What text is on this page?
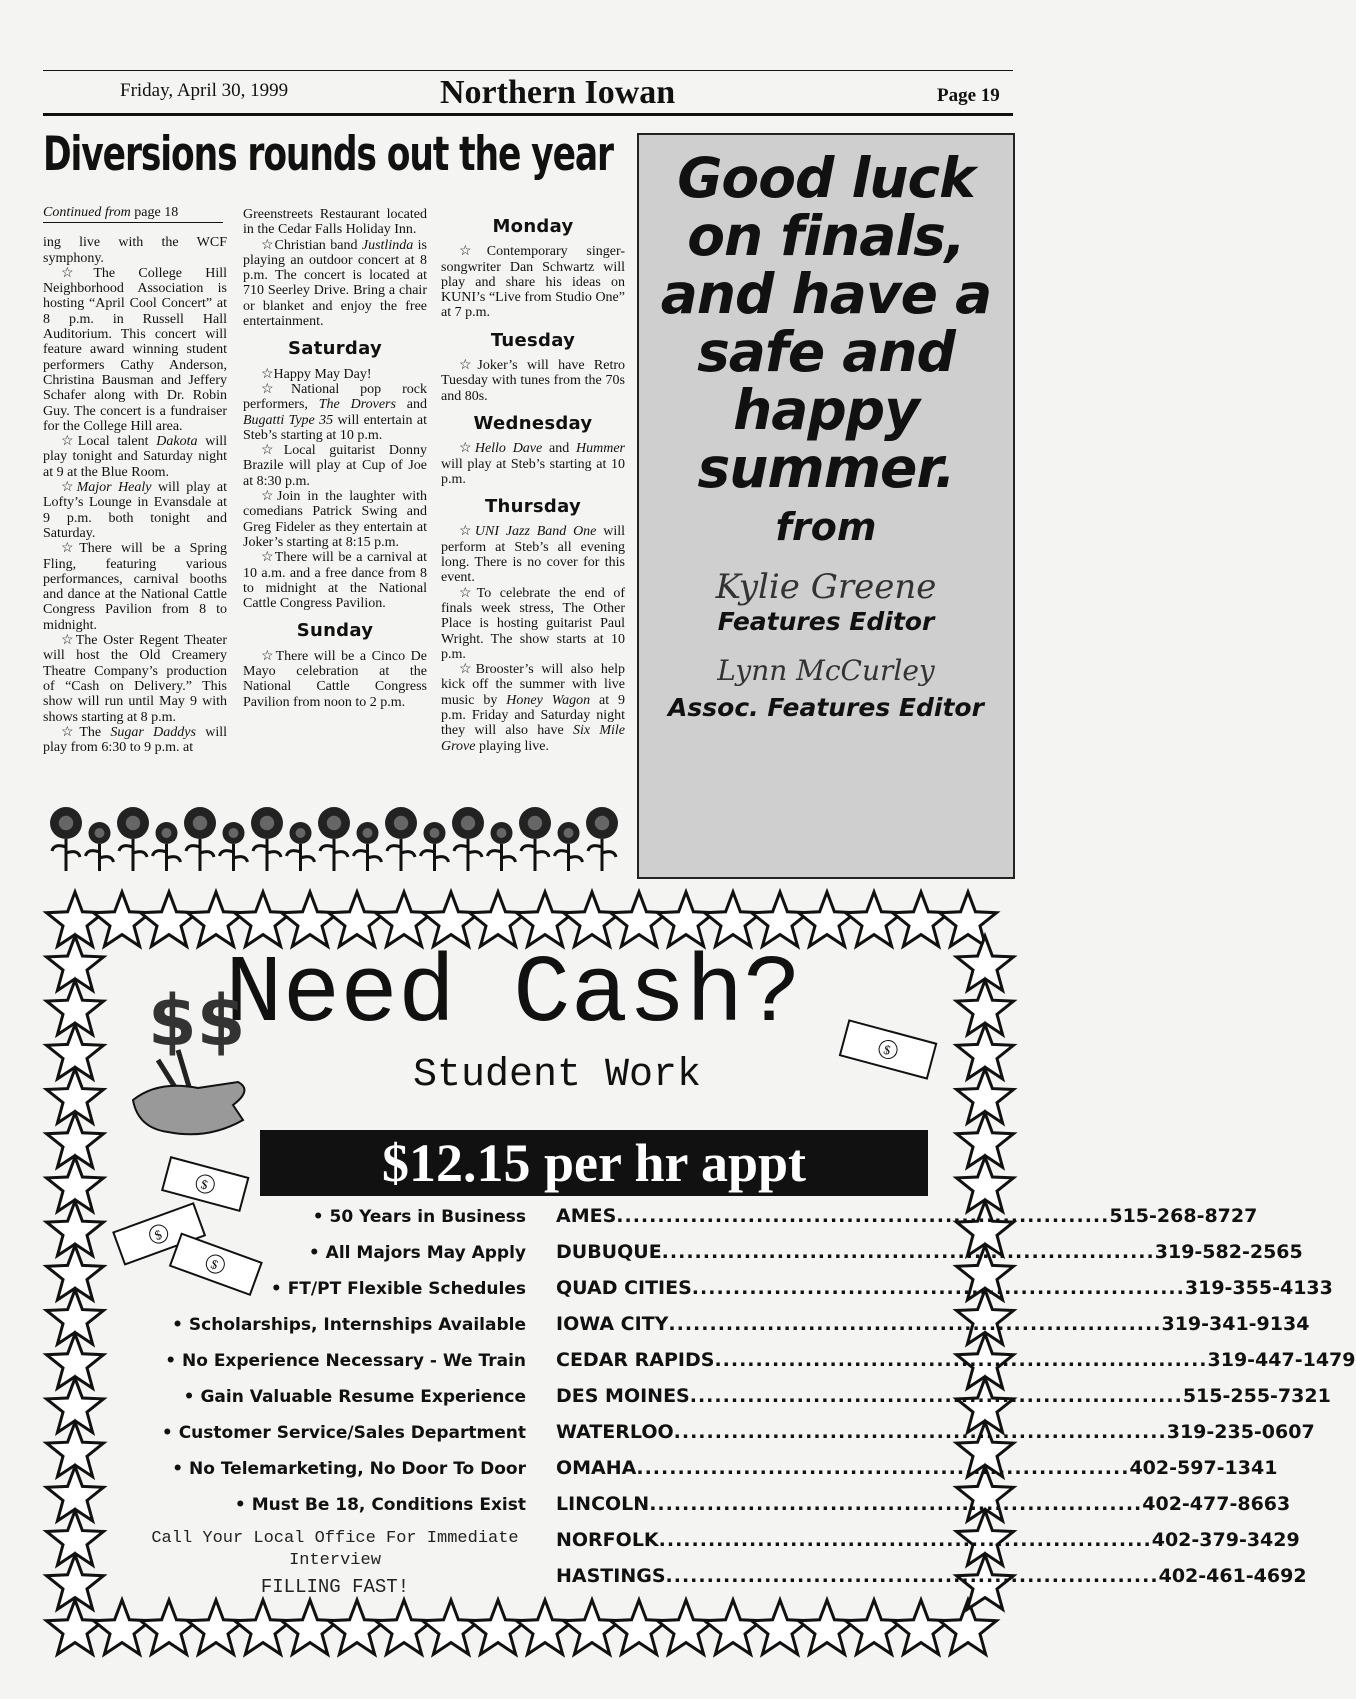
Friday, April 30, 1999	Northern Iowan	Page 19
Diversions rounds out the year
Continued from page 18

ing live with the WCF symphony.

☆The College Hill Neighborhood Association is hosting “April Cool Concert” at 8 p.m. in Russell Hall Auditorium. This concert will feature award winning student performers Cathy Anderson, Christina Bausman and Jeffery Schafer along with Dr. Robin Guy. The concert is a fundraiser for the College Hill area.

☆Local talent Dakota will play tonight and Saturday night at 9 at the Blue Room.

☆Major Healy will play at Lofty’s Lounge in Evansdale at 9 p.m. both tonight and Saturday.

☆There will be a Spring Fling, featuring various performances, carnival booths and dance at the National Cattle Congress Pavilion from 8 to midnight.

☆The Oster Regent Theater will host the Old Creamery Theatre Company’s production of “Cash on Delivery.” This show will run until May 9 with shows starting at 8 p.m.

☆The Sugar Daddys will play from 6:30 to 9 p.m. at

Greenstreets Restaurant located in the Cedar Falls Holiday Inn.

☆Christian band Justlinda is playing an outdoor concert at 8 p.m. The concert is located at 710 Seerley Drive. Bring a chair or blanket and enjoy the free entertainment.

Saturday

☆Happy May Day!

☆National pop rock performers, The Drovers and Bugatti Type 35 will entertain at Steb’s starting at 10 p.m.

☆Local guitarist Donny Brazile will play at Cup of Joe at 8:30 p.m.

☆Join in the laughter with comedians Patrick Swing and Greg Fideler as they entertain at Joker’s starting at 8:15 p.m.

☆There will be a carnival at 10 a.m. and a free dance from 8 to midnight at the National Cattle Congress Pavilion.

Sunday

☆There will be a Cinco De Mayo celebration at the National Cattle Congress Pavilion from noon to 2 p.m.

Monday

☆Contemporary singer-songwriter Dan Schwartz will play and share his ideas on KUNI’s “Live from Studio One” at 7 p.m.

Tuesday

☆Joker’s will have Retro Tuesday with tunes from the 70s and 80s.

Wednesday

☆Hello Dave and Hummer will play at Steb’s starting at 10 p.m.

Thursday

☆UNI Jazz Band One will perform at Steb’s all evening long. There is no cover for this event.

☆To celebrate the end of finals week stress, The Other Place is hosting guitarist Paul Wright. The show starts at 10 p.m.

☆Brooster’s will also help kick off the summer with live music by Honey Wagon at 9 p.m. Friday and Saturday night they will also have Six Mile Grove playing live.

Good luck
on finals,
and have a
safe and
happy
summer.
from
Kylie Greene
Features Editor
Lynn McCurley
Assoc. Features Editor
Need Cash?
Student Work
$$	$
$
$
$
$12.15 per hr appt
• 50 Years in Business
• All Majors May Apply
• FT/PT Flexible Schedules
• Scholarships, Internships Available
• No Experience Necessary - We Train
• Gain Valuable Resume Experience
• Customer Service/Sales Department
• No Telemarketing, No Door To Door
• Must Be 18, Conditions Exist
AMES ............................................................ 515-268-8727
DUBUQUE ............................................................ 319-582-2565
QUAD CITIES ............................................................ 319-355-4133
IOWA CITY ............................................................ 319-341-9134
CEDAR RAPIDS ............................................................ 319-447-1479
DES MOINES ............................................................ 515-255-7321
WATERLOO ............................................................ 319-235-0607
OMAHA ............................................................ 402-597-1341
LINCOLN ............................................................ 402-477-8663
NORFOLK ............................................................ 402-379-3429
HASTINGS ............................................................ 402-461-4692
Call Your Local Office For Immediate
Interview
FILLING FAST!
